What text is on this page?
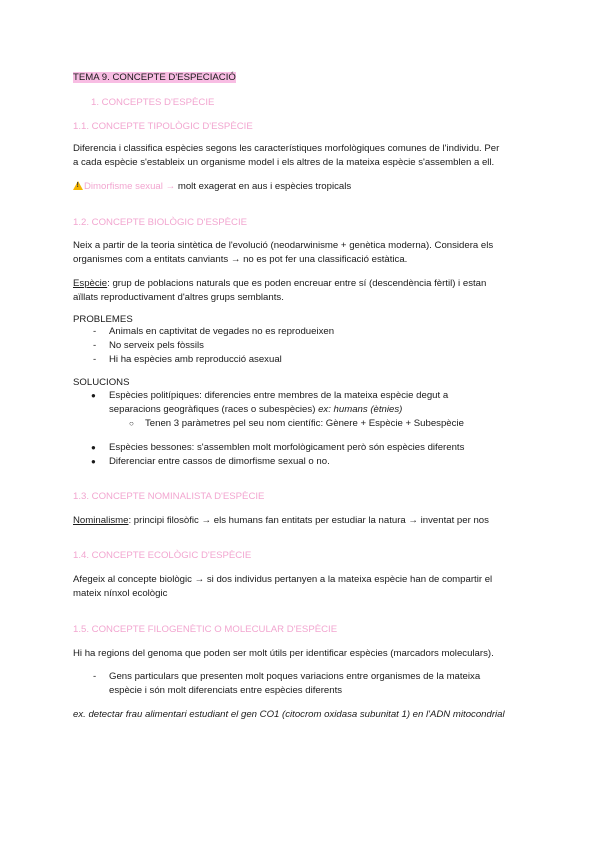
TEMA 9. CONCEPTE D'ESPECIACIÓ
1. CONCEPTES D'ESPÈCIE
1.1. CONCEPTE TIPOLÒGIC D'ESPÈCIE
Diferencia i classifica espècies segons les característiques morfològiques comunes de l'individu. Per
a cada espècie s'estableix un organisme model i els altres de la mateixa espècie s'assemblen a ell.
!Dimorfisme sexual → molt exagerat en aus i espècies tropicals
1.2. CONCEPTE BIOLÒGIC D'ESPÈCIE
Neix a partir de la teoria sintètica de l'evolució (neodarwinisme + genètica moderna). Considera els
organismes com a entitats canviants → no es pot fer una classificació estàtica.
Espècie: grup de poblacions naturals que es poden encreuar entre sí (descendència fèrtil) i estan
aïllats reproductivament d'altres grups semblants.
PROBLEMES
- Animals en captivitat de vegades no es reprodueixen
- No serveix pels fòssils
- Hi ha espècies amb reproducció asexual
SOLUCIONS
● Espècies politípiques: diferencies entre membres de la mateixa espècie degut a
separacions geogràfiques (races o subespècies) ex: humans (ètnies)
○ Tenen 3 paràmetres pel seu nom científic: Gènere + Espècie + Subespècie
● Espècies bessones: s'assemblen molt morfològicament però són espècies diferents
● Diferenciar entre cassos de dimorfisme sexual o no.
1.3. CONCEPTE NOMINALISTA D'ESPÈCIE
Nominalisme: principi filosòfic → els humans fan entitats per estudiar la natura → inventat per nos
1.4. CONCEPTE ECOLÒGIC D'ESPÈCIE
Afegeix al concepte biològic → si dos individus pertanyen a la mateixa espècie han de compartir el
mateix nínxol ecològic
1.5. CONCEPTE FILOGENÈTIC O MOLECULAR D'ESPÈCIE
Hi ha regions del genoma que poden ser molt útils per identificar espècies (marcadors moleculars).
- Gens particulars que presenten molt poques variacions entre organismes de la mateixa
espècie i són molt diferenciats entre espècies diferents
ex. detectar frau alimentari estudiant el gen CO1 (citocrom oxidasa subunitat 1) en l'ADN mitocondrial
